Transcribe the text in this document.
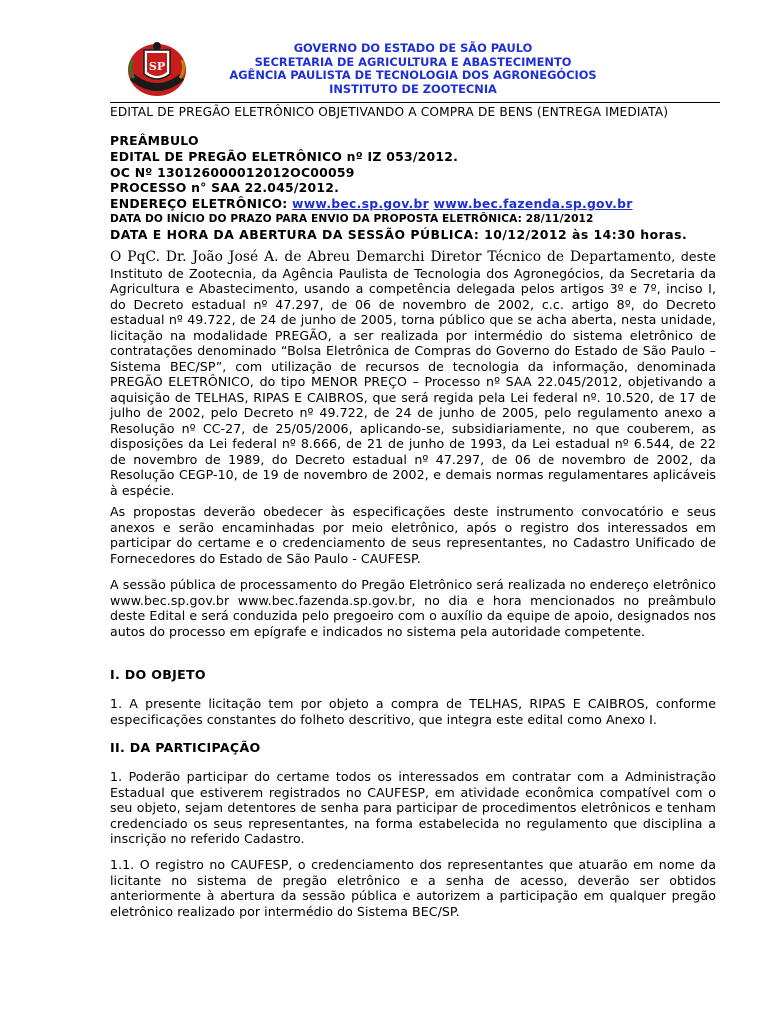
SP
GOVERNO DO ESTADO DE SÃO PAULO
SECRETARIA DE AGRICULTURA E ABASTECIMENTO
AGÊNCIA PAULISTA DE TECNOLOGIA DOS AGRONEGÓCIOS
INSTITUTO DE ZOOTECNIA
EDITAL DE PREGÃO ELETRÔNICO OBJETIVANDO A COMPRA DE BENS (ENTREGA IMEDIATA)
PREÂMBULO
EDITAL DE PREGÃO ELETRÔNICO nº IZ 053/2012.
OC Nº 130126000012012OC00059
PROCESSO n° SAA 22.045/2012.
ENDEREÇO ELETRÔNICO: www.bec.sp.gov.br www.bec.fazenda.sp.gov.br
DATA DO INÍCIO DO PRAZO PARA ENVIO DA PROPOSTA ELETRÔNICA: 28/11/2012
DATA E HORA DA ABERTURA DA SESSÃO PÚBLICA: 10/12/2012 às 14:30 horas.
O PqC. Dr. João José A. de Abreu Demarchi Diretor Técnico de Departamento, deste Instituto de Zootecnia, da Agência Paulista de Tecnologia dos Agronegócios, da Secretaria da Agricultura e Abastecimento, usando a competência delegada pelos artigos 3º e 7º, inciso I, do Decreto estadual nº 47.297, de 06 de novembro de 2002, c.c. artigo 8º, do Decreto estadual nº 49.722, de 24 de junho de 2005, torna público que se acha aberta, nesta unidade, licitação na modalidade PREGÃO, a ser realizada por intermédio do sistema eletrônico de contratações denominado “Bolsa Eletrônica de Compras do Governo do Estado de São Paulo – Sistema BEC/SP”, com utilização de recursos de tecnologia da informação, denominada PREGÃO ELETRÔNICO, do tipo MENOR PREÇO – Processo nº SAA 22.045/2012, objetivando a aquisição de TELHAS, RIPAS E CAIBROS, que será regida pela Lei federal nº. 10.520, de 17 de julho de 2002, pelo Decreto nº 49.722, de 24 de junho de 2005, pelo regulamento anexo a Resolução nº CC-27, de 25/05/2006, aplicando-se, subsidiariamente, no que couberem, as disposições da Lei federal nº 8.666, de 21 de junho de 1993, da Lei estadual nº 6.544, de 22 de novembro de 1989, do Decreto estadual nº 47.297, de 06 de novembro de 2002, da Resolução CEGP-10, de 19 de novembro de 2002, e demais normas regulamentares aplicáveis à espécie.
As propostas deverão obedecer às especificações deste instrumento convocatório e seus anexos e serão encaminhadas por meio eletrônico, após o registro dos interessados em participar do certame e o credenciamento de seus representantes, no Cadastro Unificado de Fornecedores do Estado de São Paulo - CAUFESP.
A sessão pública de processamento do Pregão Eletrônico será realizada no endereço eletrônico www.bec.sp.gov.br www.bec.fazenda.sp.gov.br, no dia e hora mencionados no preâmbulo deste Edital e será conduzida pelo pregoeiro com o auxílio da equipe de apoio, designados nos autos do processo em epígrafe e indicados no sistema pela autoridade competente.
I. DO OBJETO
1. A presente licitação tem por objeto a compra de TELHAS, RIPAS E CAIBROS, conforme especificações constantes do folheto descritivo, que integra este edital como Anexo I.
II. DA PARTICIPAÇÃO
1. Poderão participar do certame todos os interessados em contratar com a Administração Estadual que estiverem registrados no CAUFESP, em atividade econômica compatível com o seu objeto, sejam detentores de senha para participar de procedimentos eletrônicos e tenham credenciado os seus representantes, na forma estabelecida no regulamento que disciplina a inscrição no referido Cadastro.
1.1. O registro no CAUFESP, o credenciamento dos representantes que atuarão em nome da licitante no sistema de pregão eletrônico e a senha de acesso, deverão ser obtidos anteriormente à abertura da sessão pública e autorizem a participação em qualquer pregão eletrônico realizado por intermédio do Sistema BEC/SP.
